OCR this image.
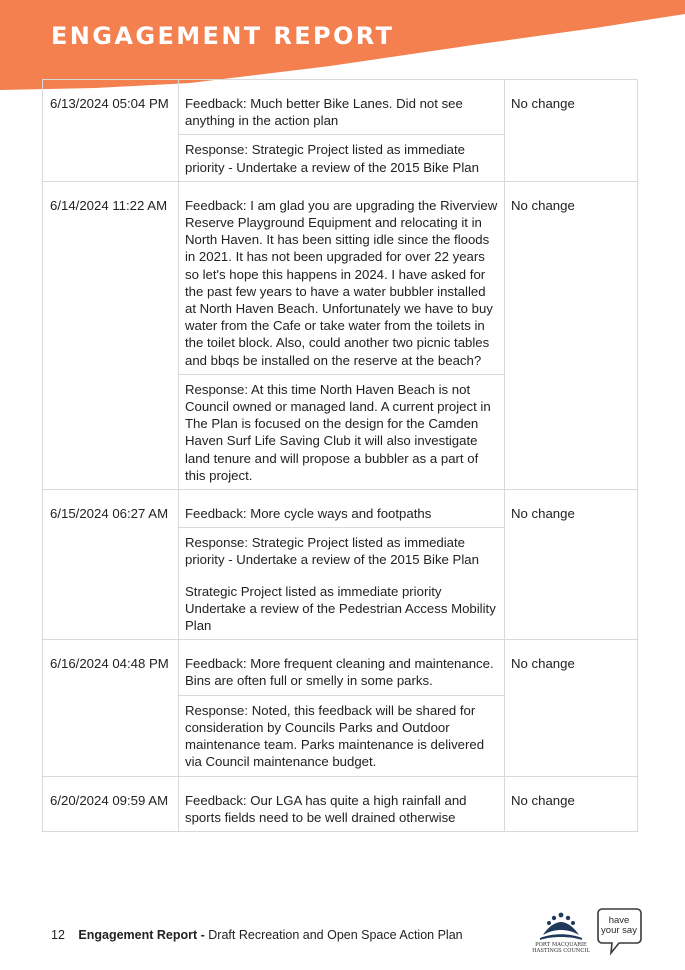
ENGAGEMENT REPORT
6/13/2024 05:04 PM	Feedback: Much better Bike Lanes. Did not see anything in the action plan

Response: Strategic Project listed as immediate priority - Undertake a review of the 2015 Bike Plan	No change
6/14/2024 11:22 AM	Feedback: I am glad you are upgrading the Riverview Reserve Playground Equipment and relocating it in North Haven. It has been sitting idle since the floods in 2021. It has not been upgraded for over 22 years so let's hope this happens in 2024. I have asked for the past few years to have a water bubbler installed at North Haven Beach. Unfortunately we have to buy water from the Cafe or take water from the toilets in the toilet block. Also, could another two picnic tables and bbqs be installed on the reserve at the beach?

Response: At this time North Haven Beach is not Council owned or managed land. A current project in The Plan is focused on the design for the Camden Haven Surf Life Saving Club it will also investigate land tenure and will propose a bubbler as a part of this project.	No change
6/15/2024 06:27 AM	Feedback: More cycle ways and footpaths

Response: Strategic Project listed as immediate priority - Undertake a review of the 2015 Bike Plan

Strategic Project listed as immediate priority Undertake a review of the Pedestrian Access Mobility Plan	No change
6/16/2024 04:48 PM	Feedback: More frequent cleaning and maintenance. Bins are often full or smelly in some parks.

Response: Noted, this feedback will be shared for consideration by Councils Parks and Outdoor maintenance team. Parks maintenance is delivered via Council maintenance budget.	No change
6/20/2024 09:59 AM	Feedback: Our LGA has quite a high rainfall and sports fields need to be well drained otherwise	No change
12 Engagement Report - Draft Recreation and Open Space Action Plan
PORT MACQUARIE
HASTINGS COUNCIL
have
your say
